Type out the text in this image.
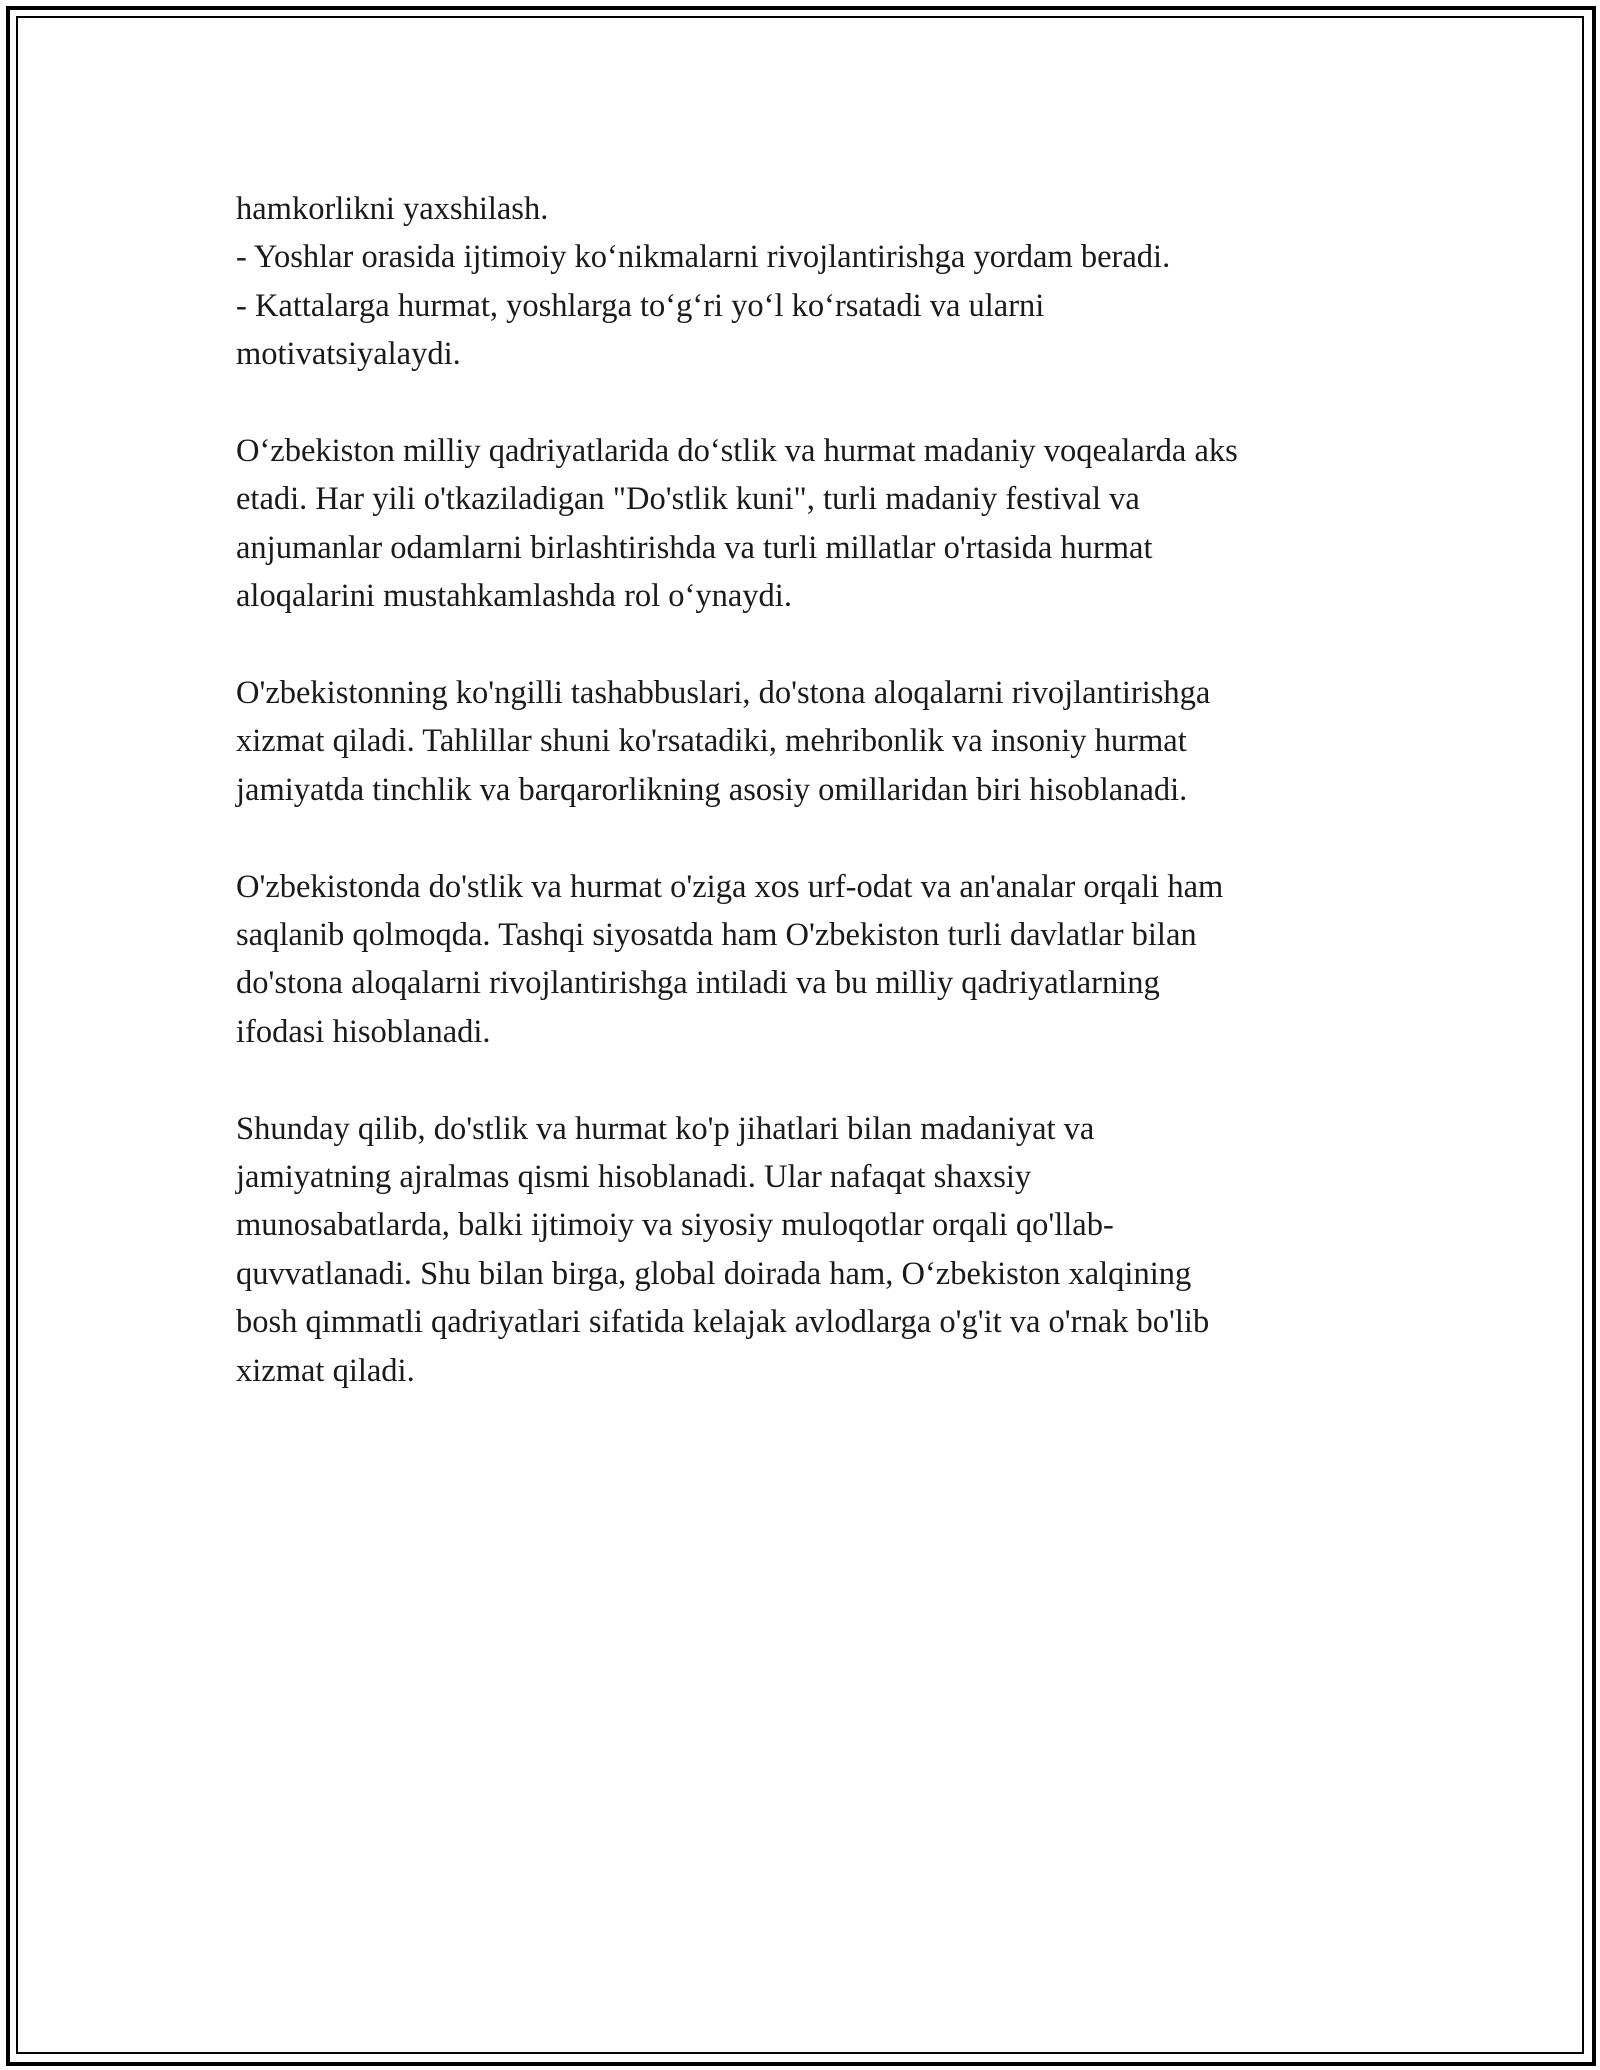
hamkorlikni yaxshilash.

- Yoshlar orasida ijtimoiy ko‘nikmalarni rivojlantirishga yordam beradi.

- Kattalarga hurmat, yoshlarga to‘g‘ri yo‘l ko‘rsatadi va ularni

motivatsiyalaydi.

O‘zbekiston milliy qadriyatlarida do‘stlik va hurmat madaniy voqealarda aks

etadi. Har yili o'tkaziladigan "Do'stlik kuni", turli madaniy festival va

anjumanlar odamlarni birlashtirishda va turli millatlar o'rtasida hurmat

aloqalarini mustahkamlashda rol o‘ynaydi.

O'zbekistonning ko'ngilli tashabbuslari, do'stona aloqalarni rivojlantirishga

xizmat qiladi. Tahlillar shuni ko'rsatadiki, mehribonlik va insoniy hurmat

jamiyatda tinchlik va barqarorlikning asosiy omillaridan biri hisoblanadi.

O'zbekistonda do'stlik va hurmat o'ziga xos urf-odat va an'analar orqali ham

saqlanib qolmoqda. Tashqi siyosatda ham O'zbekiston turli davlatlar bilan

do'stona aloqalarni rivojlantirishga intiladi va bu milliy qadriyatlarning

ifodasi hisoblanadi.

Shunday qilib, do'stlik va hurmat ko'p jihatlari bilan madaniyat va

jamiyatning ajralmas qismi hisoblanadi. Ular nafaqat shaxsiy

munosabatlarda, balki ijtimoiy va siyosiy muloqotlar orqali qo'llab-

quvvatlanadi. Shu bilan birga, global doirada ham, O‘zbekiston xalqining

bosh qimmatli qadriyatlari sifatida kelajak avlodlarga o'g'it va o'rnak bo'lib

xizmat qiladi.
